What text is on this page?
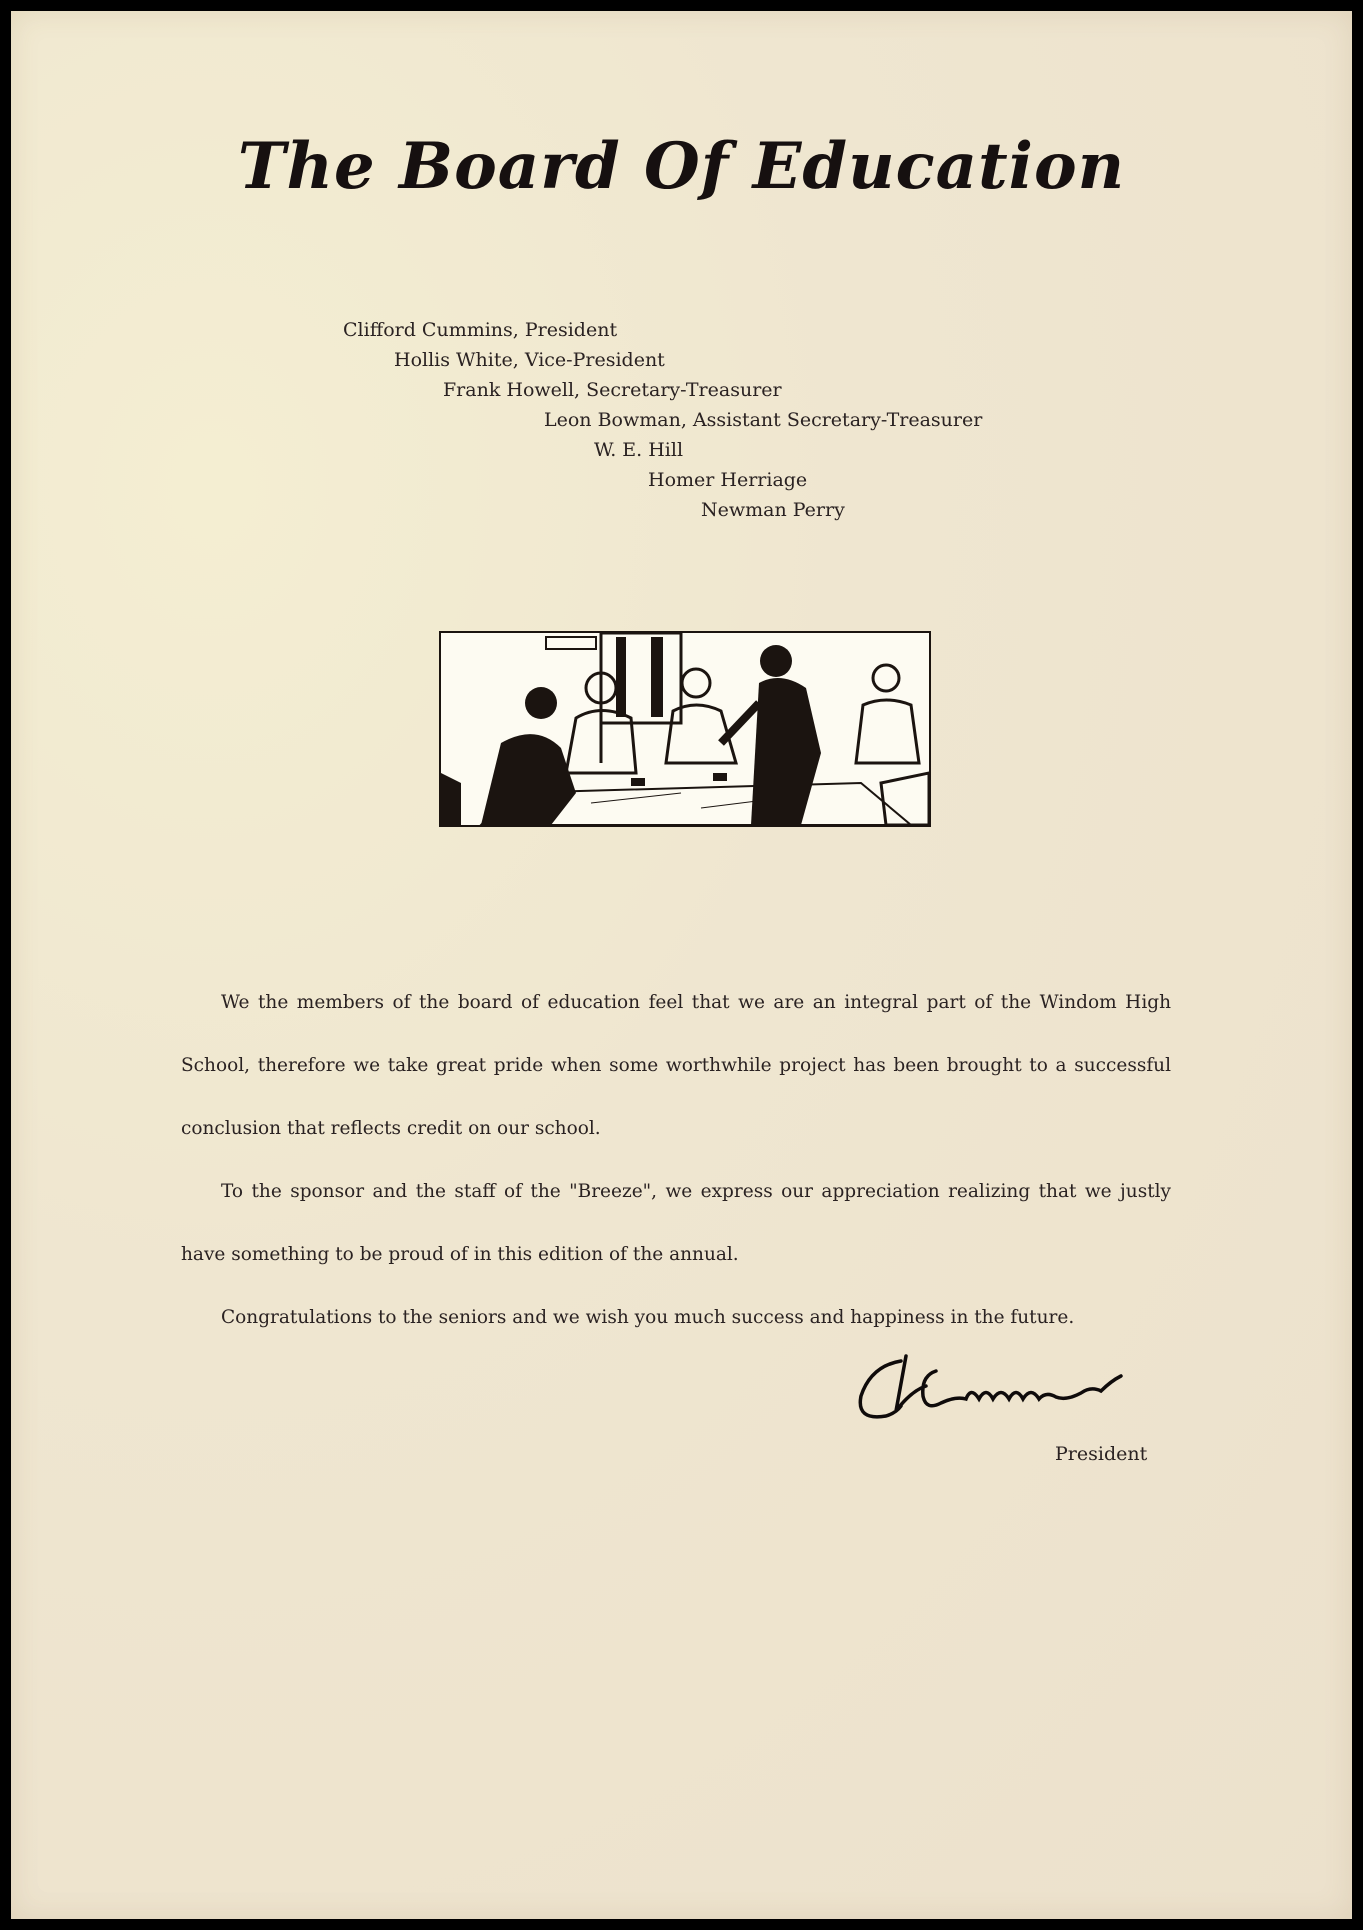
The Board Of Education
Clifford Cummins, President
Hollis White, Vice-President
Frank Howell, Secretary-Treasurer
Leon Bowman, Assistant Secretary-Treasurer
W. E. Hill
Homer Herriage
Newman Perry

We the members of the board of education feel that we are an integral part of the Windom High School, therefore we take great pride when some worthwhile project has been brought to a successful conclusion that reflects credit on our school.

To the sponsor and the staff of the "Breeze", we express our appreciation realizing that we justly have something to be proud of in this edition of the annual.

Congratulations to the seniors and we wish you much success and happiness in the future.

President
